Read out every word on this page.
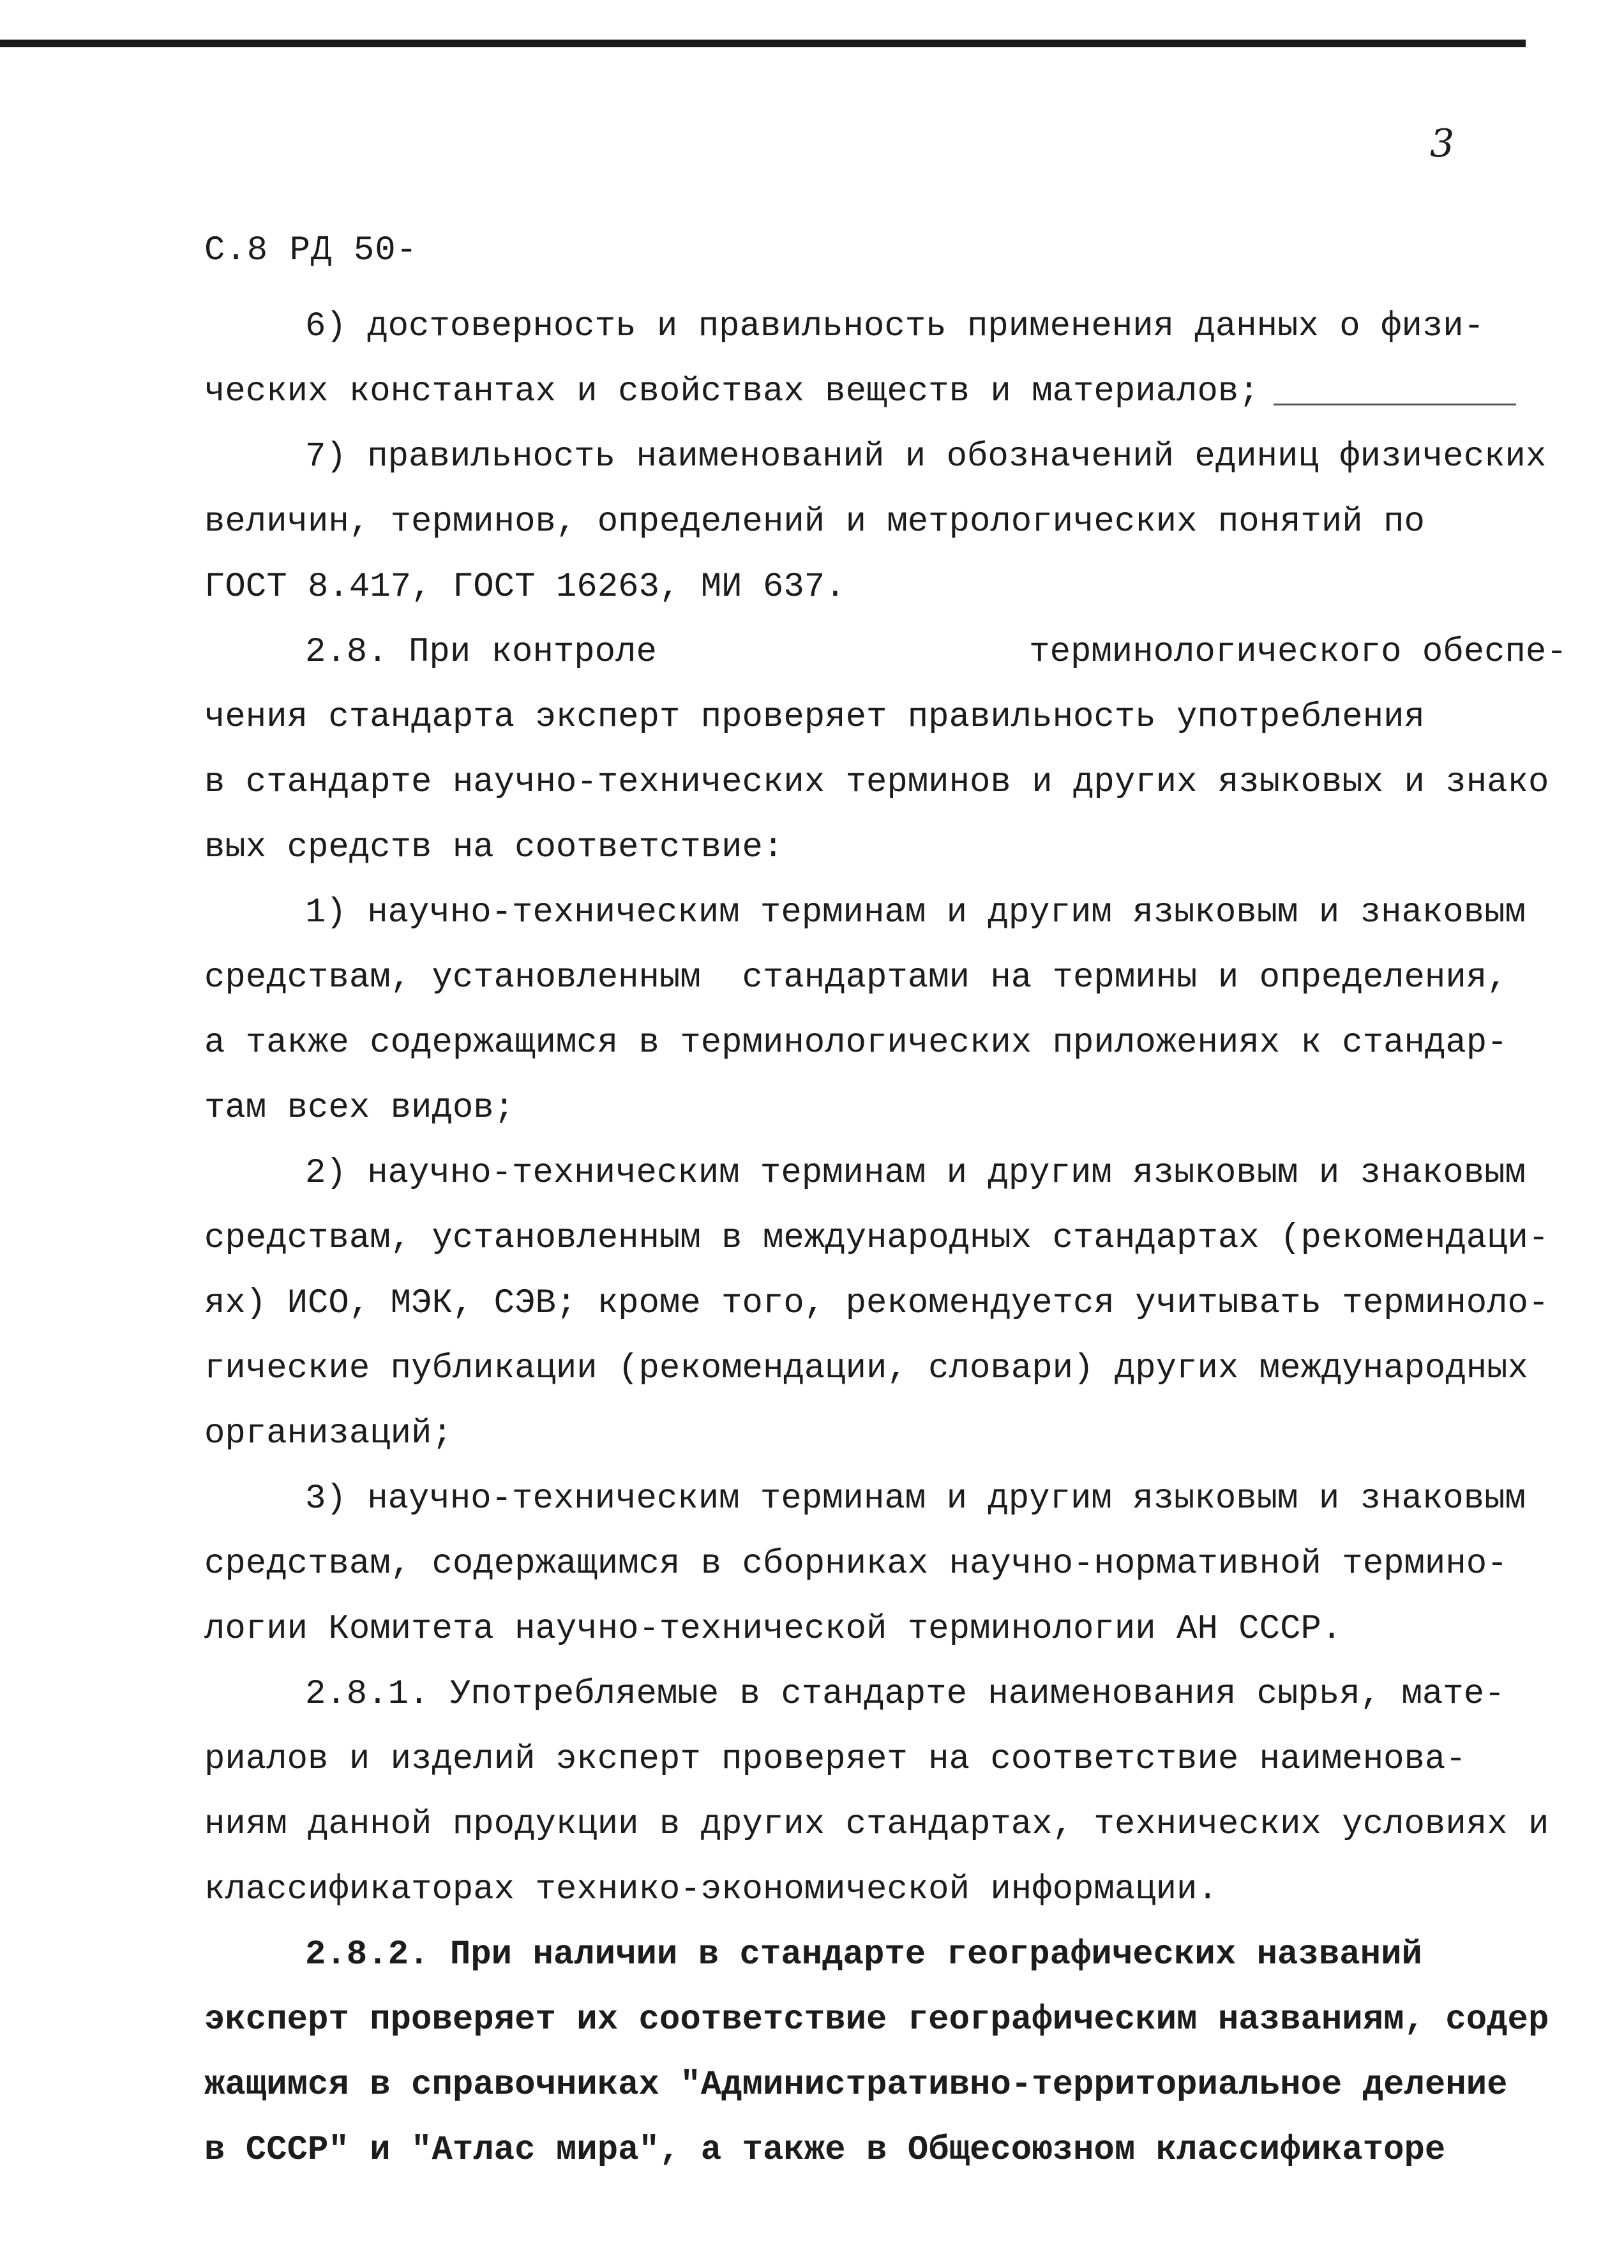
3
С.8 РД 50-
6) достоверность и правильность применения данных о физи-
ческих константах и свойствах веществ и материалов;
7) правильность наименований и обозначений единиц физических
величин, терминов, определений и метрологических понятий по
ГОСТ 8.417, ГОСТ 16263, МИ 637.
2.8. При контроле                  терминологического обеспе-
чения стандарта эксперт проверяет правильность употребления
в стандарте научно-технических терминов и других языковых и знако
вых средств на соответствие:
1) научно-техническим терминам и другим языковым и знаковым
средствам, установленным  стандартами на термины и определения,
а также содержащимся в терминологических приложениях к стандар-
там всех видов;
2) научно-техническим терминам и другим языковым и знаковым
средствам, установленным в международных стандартах (рекомендаци-
ях) ИСО, МЭК, СЭВ; кроме того, рекомендуется учитывать терминоло-
гические публикации (рекомендации, словари) других международных
организаций;
3) научно-техническим терминам и другим языковым и знаковым
средствам, содержащимся в сборниках научно-нормативной термино-
логии Комитета научно-технической терминологии АН СССР.
2.8.1. Употребляемые в стандарте наименования сырья, мате-
риалов и изделий эксперт проверяет на соответствие наименова-
ниям данной продукции в других стандартах, технических условиях и
классификаторах технико-экономической информации.
2.8.2. При наличии в стандарте географических названий
эксперт проверяет их соответствие географическим названиям, содер
жащимся в справочниках "Административно-территориальное деление
в СССР" и "Атлас мира", а также в Общесоюзном классификаторе
